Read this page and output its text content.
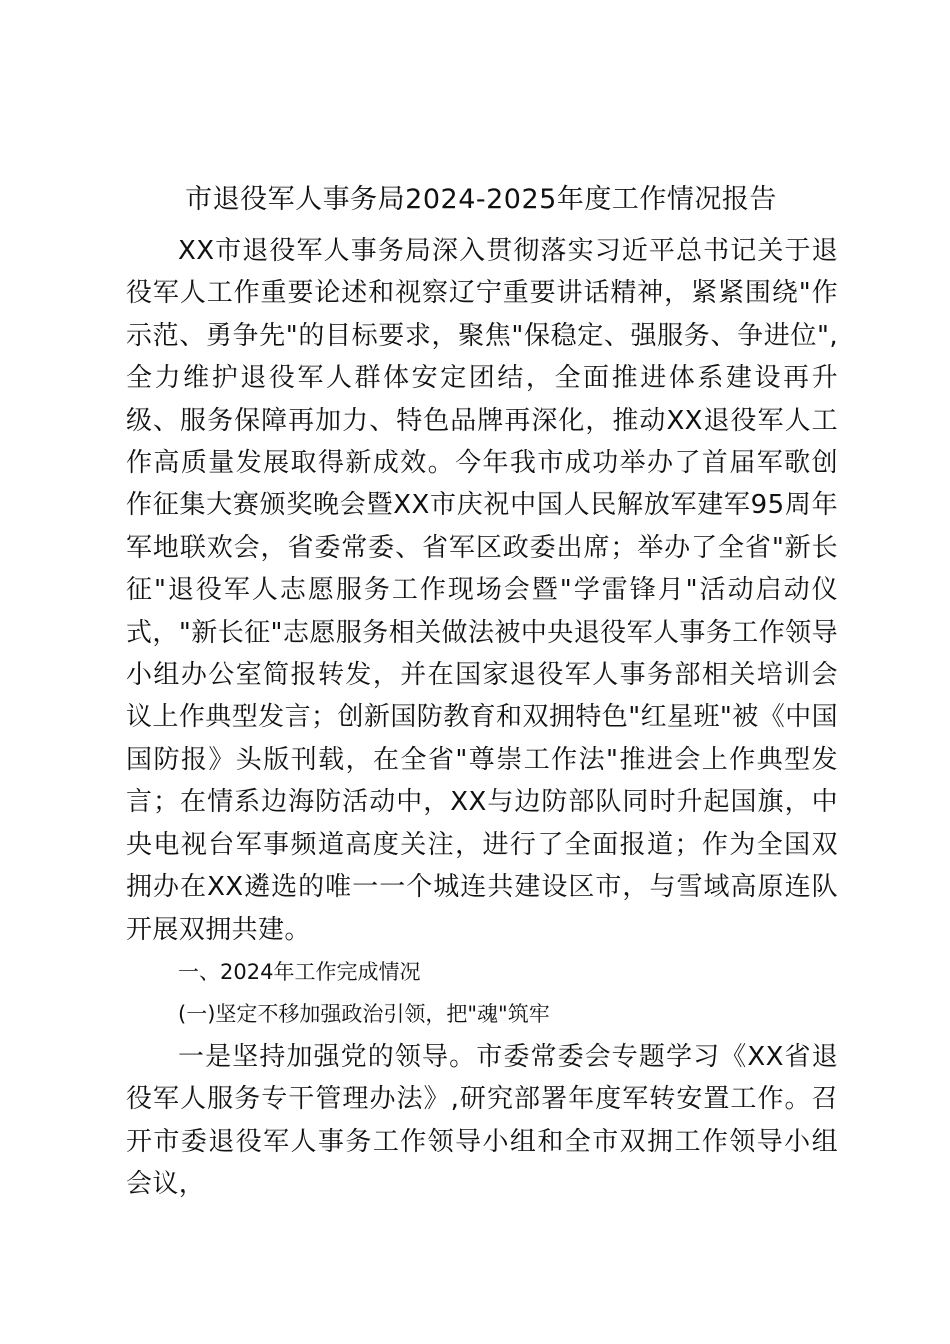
市退役军人事务局2024-2025年度工作情况报告

XX市退役军人事务局深入贯彻落实习近平总书记关于退役军人工作重要论述和视察辽宁重要讲话精神，紧紧围绕"作示范、勇争先"的目标要求，聚焦"保稳定、强服务、争进位",全力维护退役军人群体安定团结，全面推进体系建设再升级、服务保障再加力、特色品牌再深化，推动XX退役军人工作高质量发展取得新成效。今年我市成功举办了首届军歌创作征集大赛颁奖晚会暨XX市庆祝中国人民解放军建军95周年军地联欢会，省委常委、省军区政委出席；举办了全省"新长征"退役军人志愿服务工作现场会暨"学雷锋月"活动启动仪式，"新长征"志愿服务相关做法被中央退役军人事务工作领导小组办公室简报转发，并在国家退役军人事务部相关培训会议上作典型发言；创新国防教育和双拥特色"红星班"被《中国国防报》头版刊载，在全省"尊崇工作法"推进会上作典型发言；在情系边海防活动中，XX与边防部队同时升起国旗，中央电视台军事频道高度关注，进行了全面报道；作为全国双拥办在XX遴选的唯一一个城连共建设区市，与雪域高原连队开展双拥共建。

一、2024年工作完成情况

(一)坚定不移加强政治引领，把"魂"筑牢

一是坚持加强党的领导。市委常委会专题学习《XX省退役军人服务专干管理办法》,研究部署年度军转安置工作。召开市委退役军人事务工作领导小组和全市双拥工作领导小组会议，
